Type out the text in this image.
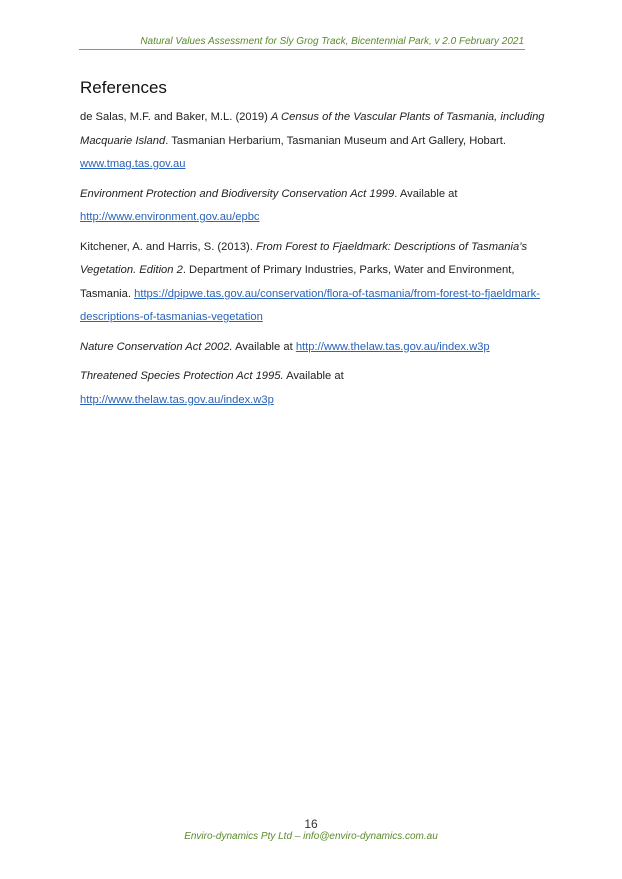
Natural Values Assessment for Sly Grog Track, Bicentennial Park, v 2.0 February 2021
References

de Salas, M.F. and Baker, M.L. (2019) A Census of the Vascular Plants of Tasmania, including Macquarie Island. Tasmanian Herbarium, Tasmanian Museum and Art Gallery, Hobart.
www.tmag.tas.gov.au

Environment Protection and Biodiversity Conservation Act 1999. Available at
http://www.environment.gov.au/epbc

Kitchener, A. and Harris, S. (2013). From Forest to Fjaeldmark: Descriptions of Tasmania’s Vegetation. Edition 2. Department of Primary Industries, Parks, Water and Environment, Tasmania. https://dpipwe.tas.gov.au/conservation/flora-of-tasmania/from-forest-to-fjaeldmark-descriptions-of-tasmanias-vegetation

Nature Conservation Act 2002. Available at http://www.thelaw.tas.gov.au/index.w3p

Threatened Species Protection Act 1995. Available at
http://www.thelaw.tas.gov.au/index.w3p

16
Enviro-dynamics Pty Ltd – info@enviro-dynamics.com.au
